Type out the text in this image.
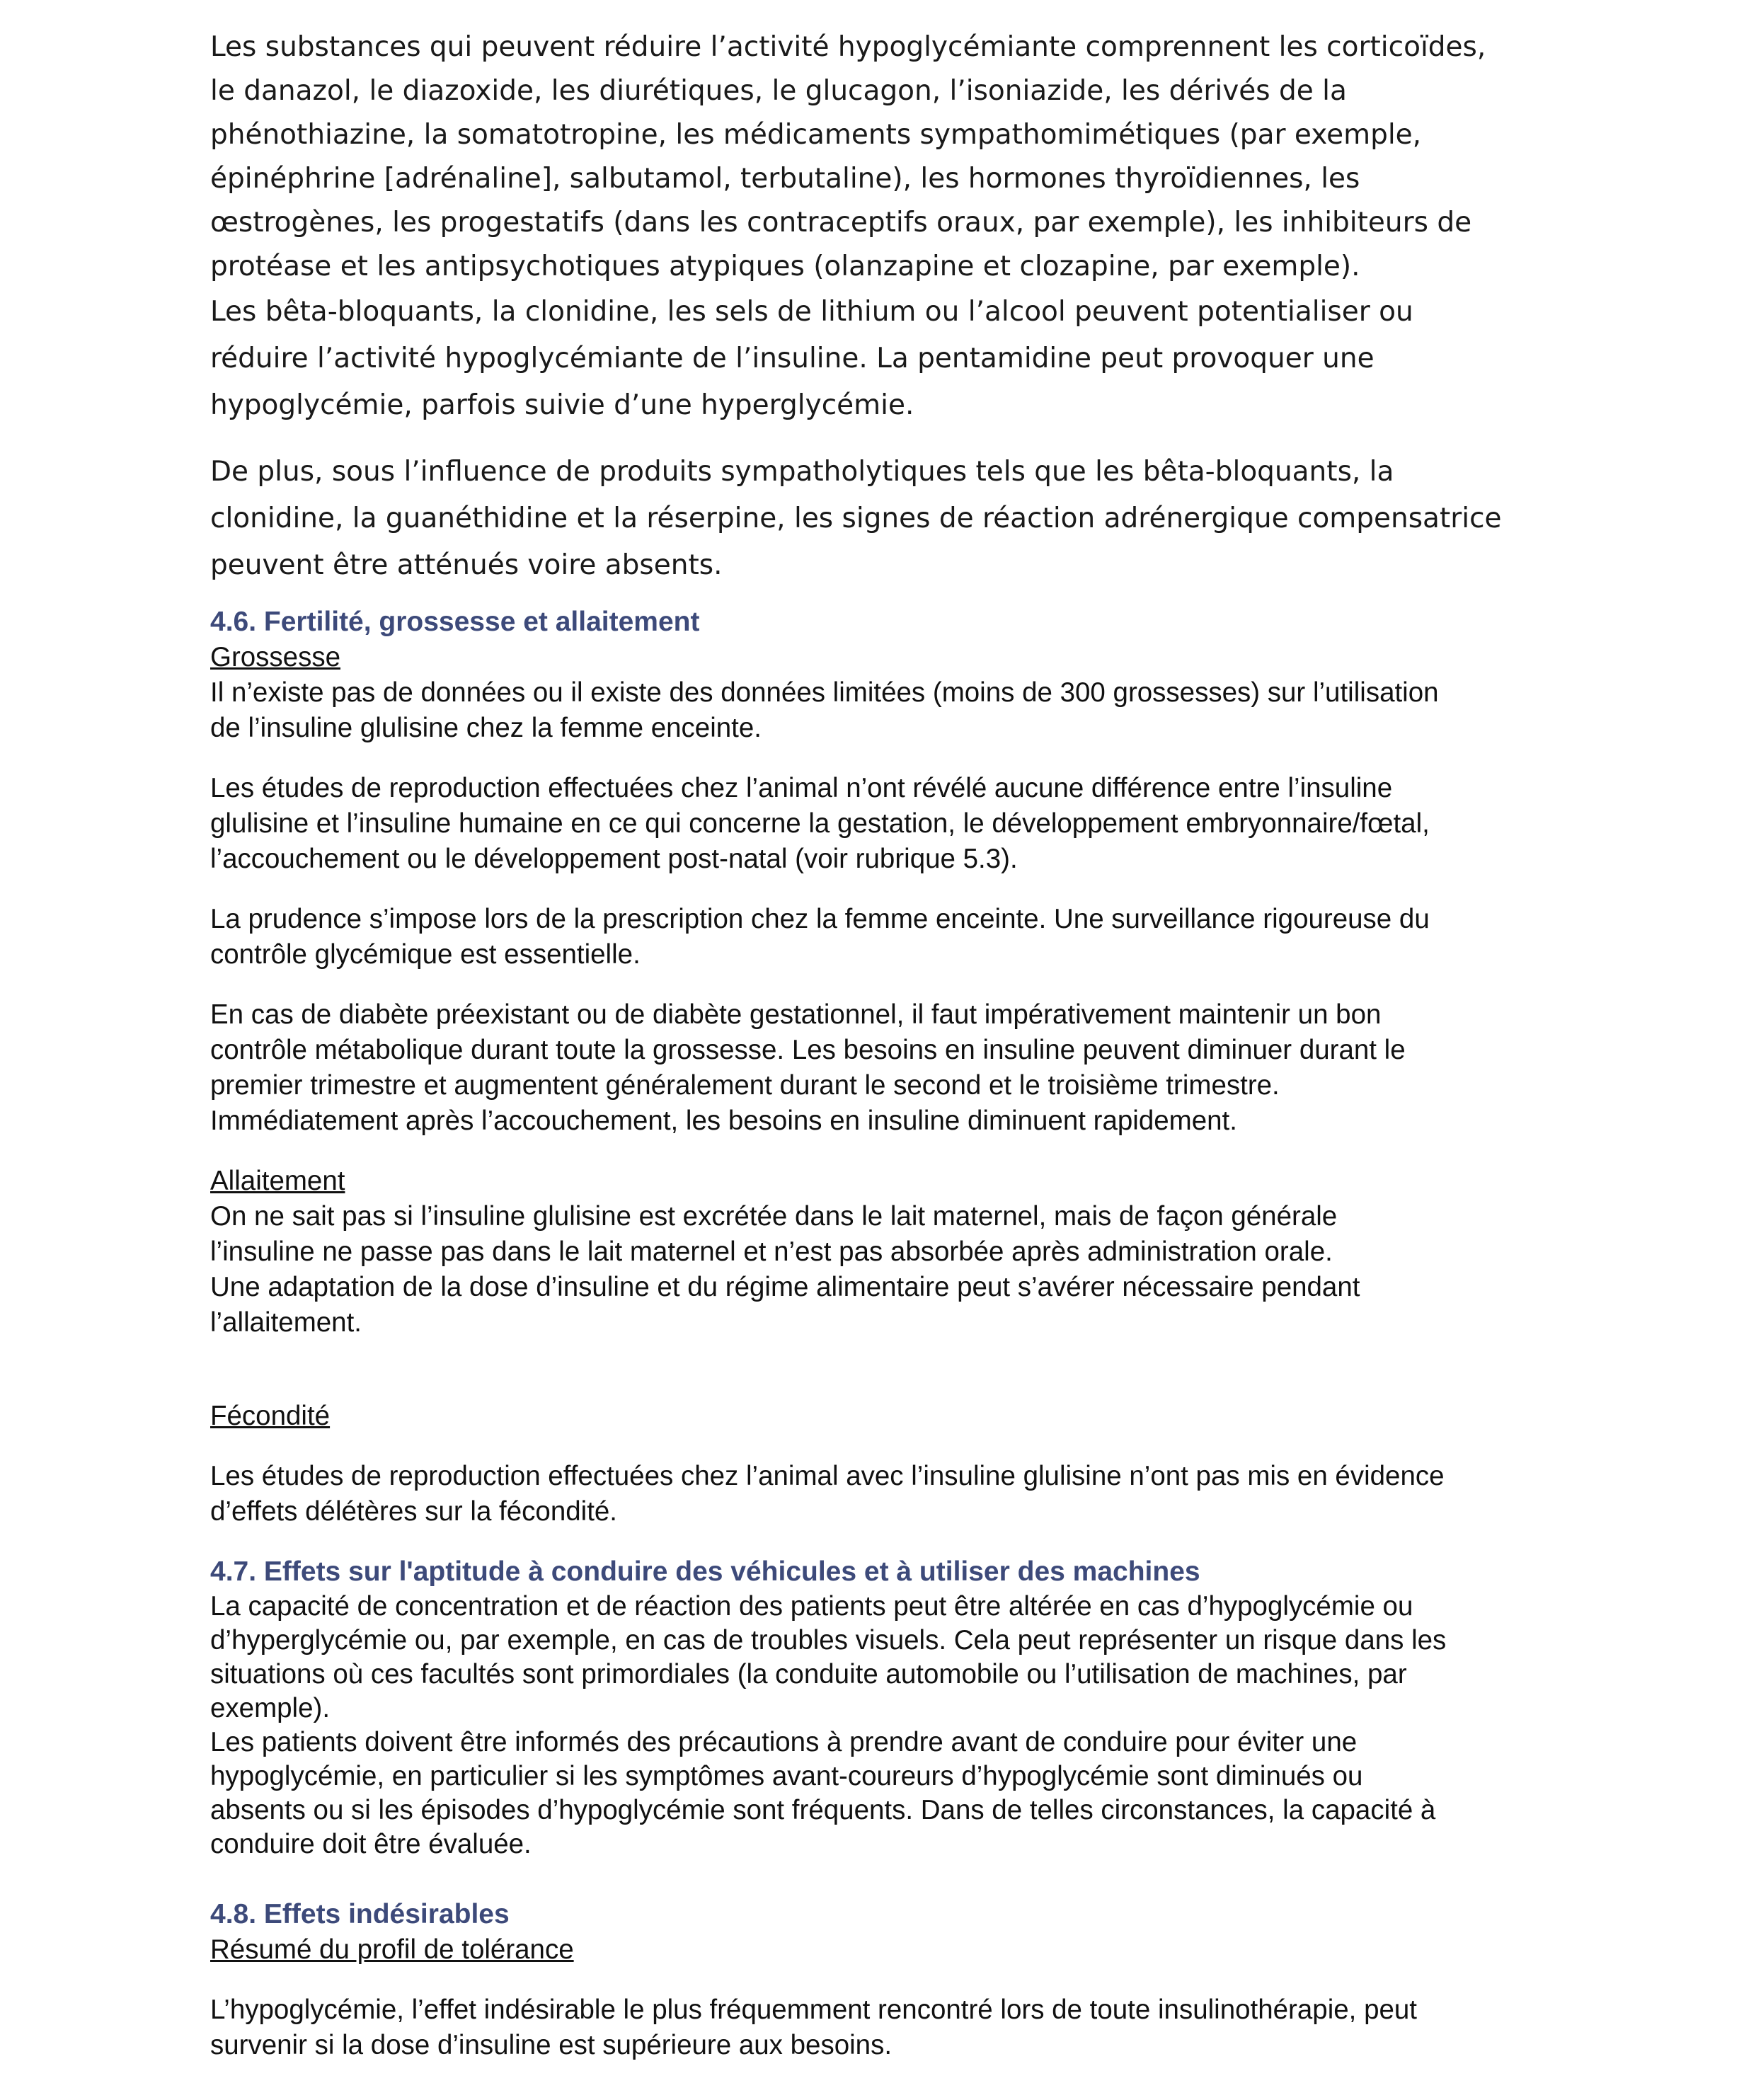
Les substances qui peuvent réduire l’activité hypoglycémiante comprennent les corticoïdes,
le danazol, le diazoxide, les diurétiques, le glucagon, l’isoniazide, les dérivés de la
phénothiazine, la somatotropine, les médicaments sympathomimétiques (par exemple,
épinéphrine [adrénaline], salbutamol, terbutaline), les hormones thyroïdiennes, les
œstrogènes, les progestatifs (dans les contraceptifs oraux, par exemple), les inhibiteurs de
protéase et les antipsychotiques atypiques (olanzapine et clozapine, par exemple).

Les bêta-bloquants, la clonidine, les sels de lithium ou l’alcool peuvent potentialiser ou
réduire l’activité hypoglycémiante de l’insuline. La pentamidine peut provoquer une
hypoglycémie, parfois suivie d’une hyperglycémie.

De plus, sous l’influence de produits sympatholytiques tels que les bêta-bloquants, la
clonidine, la guanéthidine et la réserpine, les signes de réaction adrénergique compensatrice
peuvent être atténués voire absents.

4.6. Fertilité, grossesse et allaitement

Grossesse

Il n’existe pas de données ou il existe des données limitées (moins de 300 grossesses) sur l’utilisation
de l’insuline glulisine chez la femme enceinte.

Les études de reproduction effectuées chez l’animal n’ont révélé aucune différence entre l’insuline
glulisine et l’insuline humaine en ce qui concerne la gestation, le développement embryonnaire/fœtal,
l’accouchement ou le développement post-natal (voir rubrique 5.3).

La prudence s’impose lors de la prescription chez la femme enceinte. Une surveillance rigoureuse du
contrôle glycémique est essentielle.

En cas de diabète préexistant ou de diabète gestationnel, il faut impérativement maintenir un bon
contrôle métabolique durant toute la grossesse. Les besoins en insuline peuvent diminuer durant le
premier trimestre et augmentent généralement durant le second et le troisième trimestre.
Immédiatement après l’accouchement, les besoins en insuline diminuent rapidement.

Allaitement

On ne sait pas si l’insuline glulisine est excrétée dans le lait maternel, mais de façon générale
l’insuline ne passe pas dans le lait maternel et n’est pas absorbée après administration orale.
Une adaptation de la dose d’insuline et du régime alimentaire peut s’avérer nécessaire pendant
l’allaitement.

Fécondité

Les études de reproduction effectuées chez l’animal avec l’insuline glulisine n’ont pas mis en évidence
d’effets délétères sur la fécondité.

4.7. Effets sur l'aptitude à conduire des véhicules et à utiliser des machines

La capacité de concentration et de réaction des patients peut être altérée en cas d’hypoglycémie ou
d’hyperglycémie ou, par exemple, en cas de troubles visuels. Cela peut représenter un risque dans les
situations où ces facultés sont primordiales (la conduite automobile ou l’utilisation de machines, par
exemple).
Les patients doivent être informés des précautions à prendre avant de conduire pour éviter une
hypoglycémie, en particulier si les symptômes avant-coureurs d’hypoglycémie sont diminués ou
absents ou si les épisodes d’hypoglycémie sont fréquents. Dans de telles circonstances, la capacité à
conduire doit être évaluée.

4.8. Effets indésirables

Résumé du profil de tolérance

L’hypoglycémie, l’effet indésirable le plus fréquemment rencontré lors de toute insulinothérapie, peut
survenir si la dose d’insuline est supérieure aux besoins.
